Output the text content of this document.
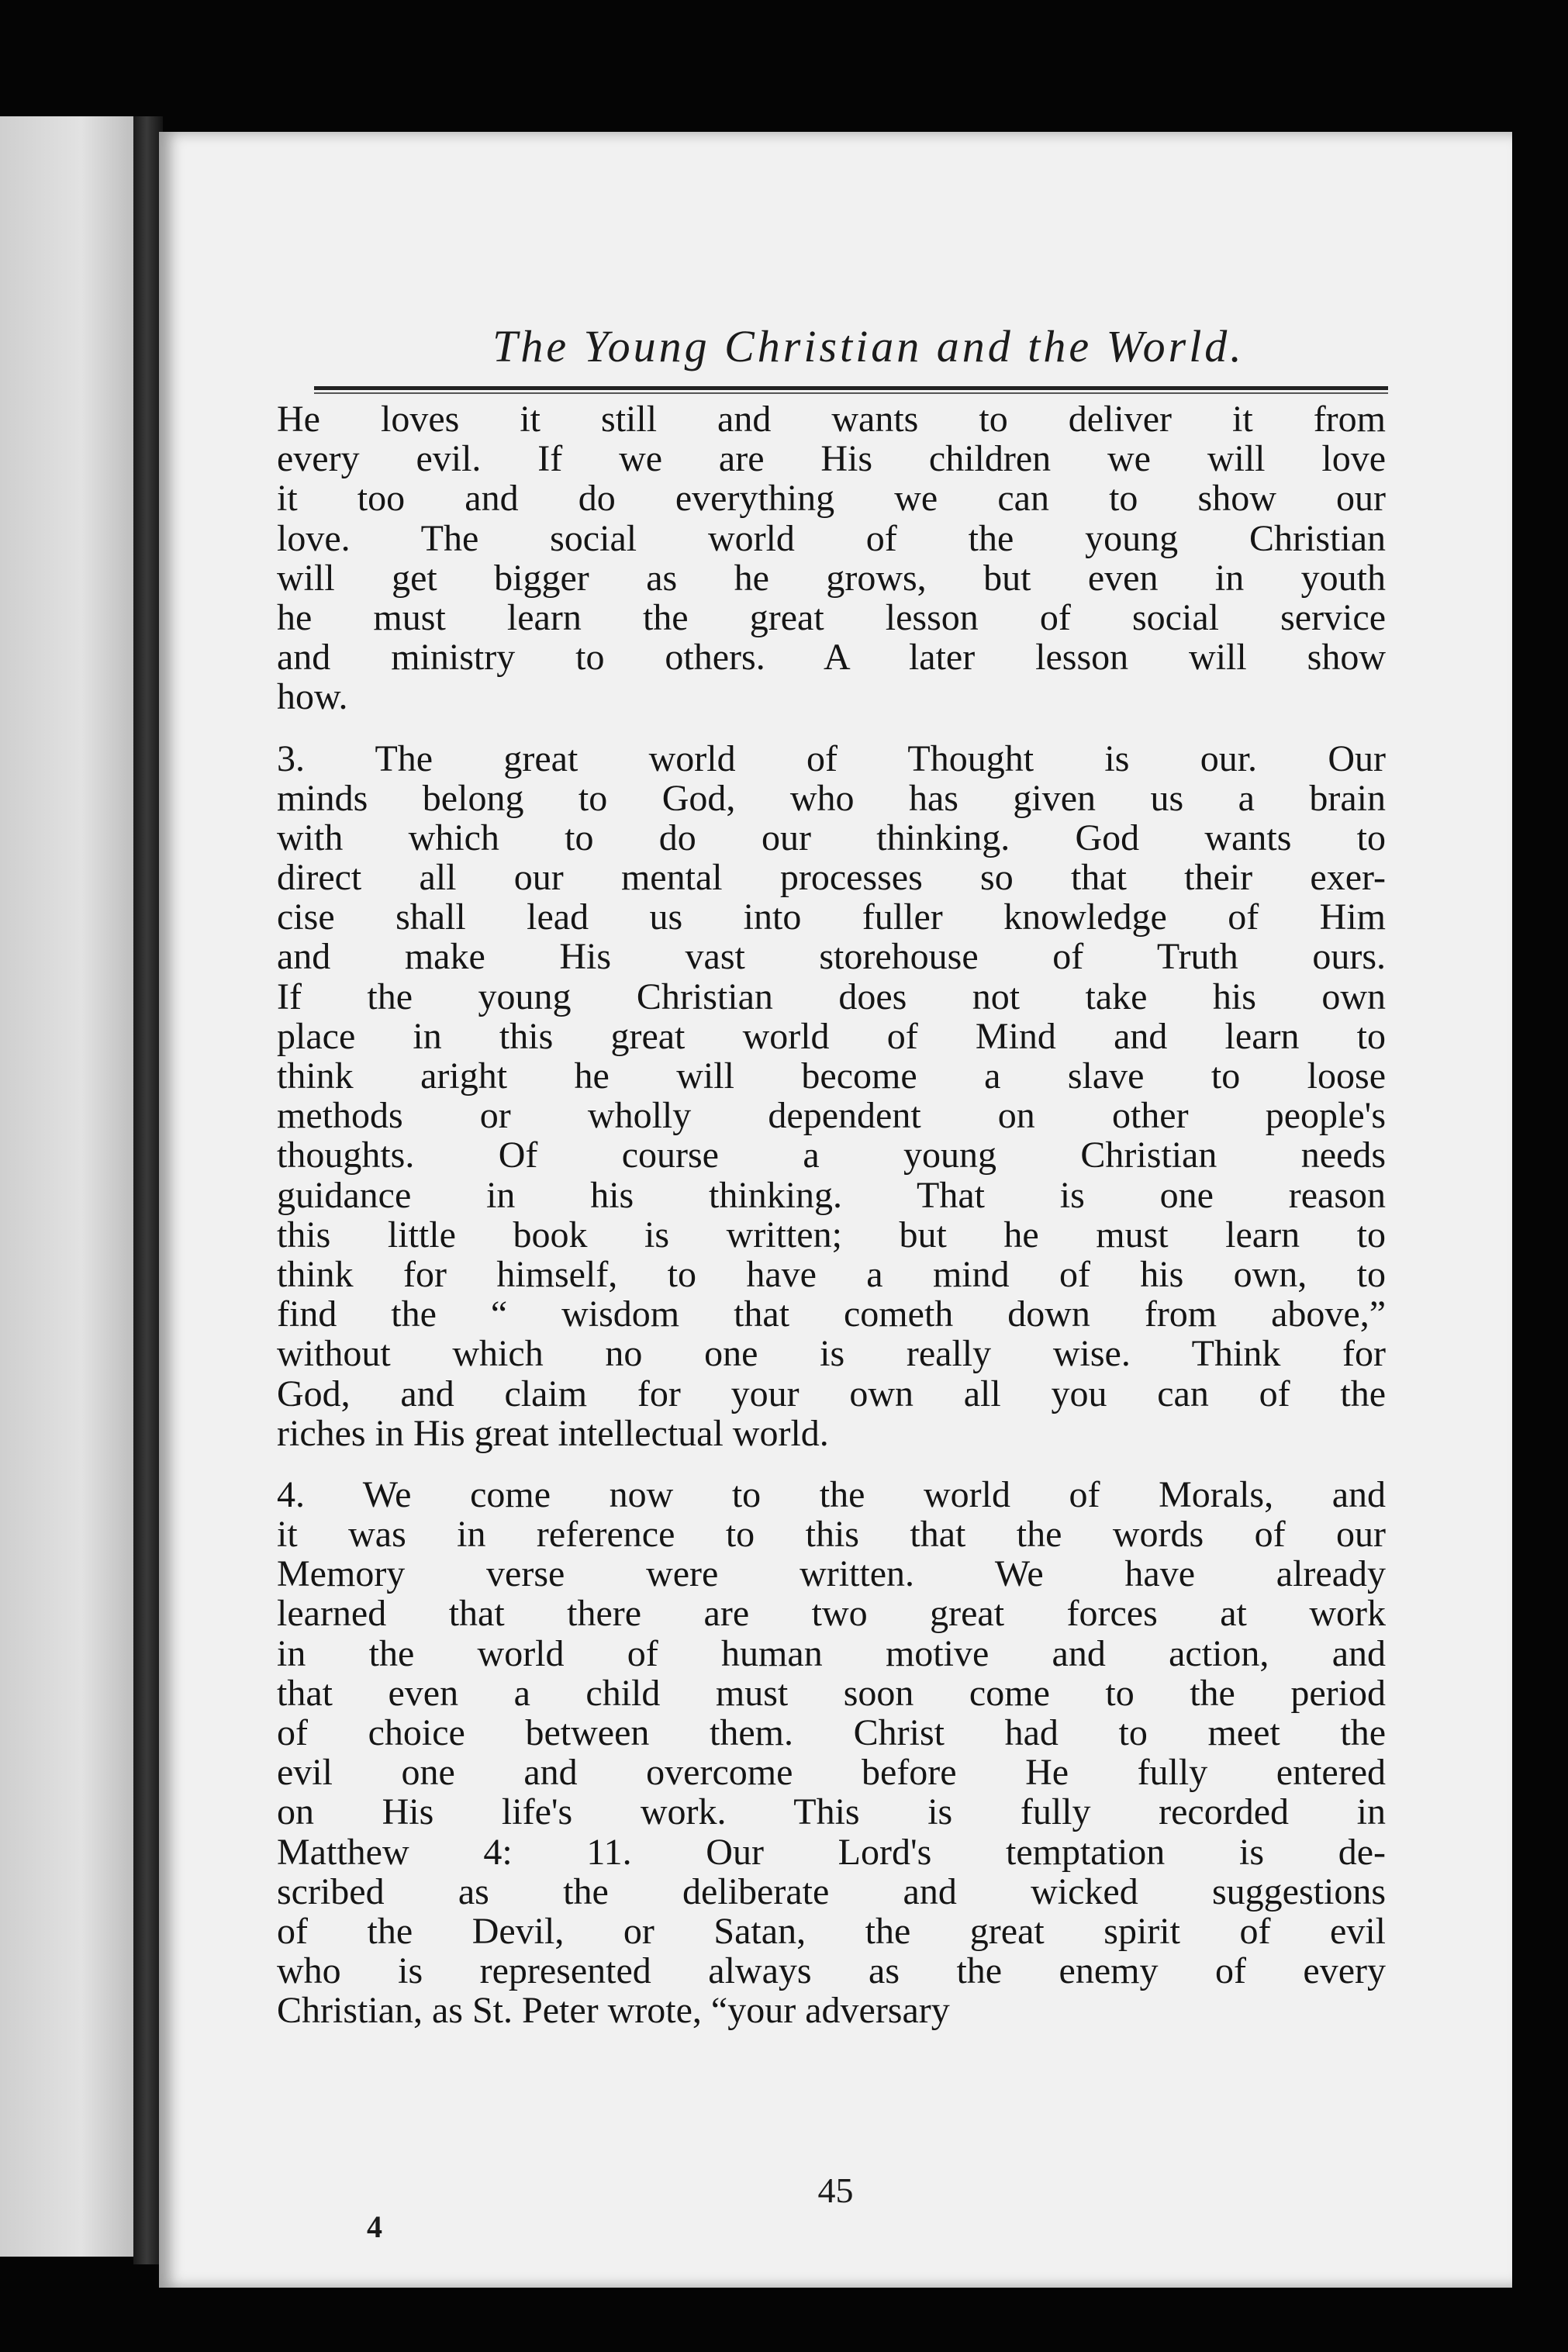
The Young Christian and the World.
He loves it still and wants to deliver it from
every evil. If we are His children we will love
it too and do everything we can to show our
love. The social world of the young Christian
will get bigger as he grows, but even in youth
he must learn the great lesson of social service
and ministry to others. A later lesson will show
how.
3. The great world of Thought is our. Our
minds belong to God, who has given us a brain
with which to do our thinking. God wants to
direct all our mental processes so that their exer-
cise shall lead us into fuller knowledge of Him
and make His vast storehouse of Truth ours.
If the young Christian does not take his own
place in this great world of Mind and learn to
think aright he will become a slave to loose
methods or wholly dependent on other people's
thoughts. Of course a young Christian needs
guidance in his thinking. That is one reason
this little book is written; but he must learn to
think for himself, to have a mind of his own, to
find the “ wisdom that cometh down from above,”
without which no one is really wise. Think for
God, and claim for your own all you can of the
riches in His great intellectual world.
4. We come now to the world of Morals, and
it was in reference to this that the words of our
Memory verse were written. We have already
learned that there are two great forces at work
in the world of human motive and action, and
that even a child must soon come to the period
of choice between them. Christ had to meet the
evil one and overcome before He fully entered
on His life's work. This is fully recorded in
Matthew 4: 11. Our Lord's temptation is de-
scribed as the deliberate and wicked suggestions
of the Devil, or Satan, the great spirit of evil
who is represented always as the enemy of every
Christian, as St. Peter wrote, “your adversary
45
4
